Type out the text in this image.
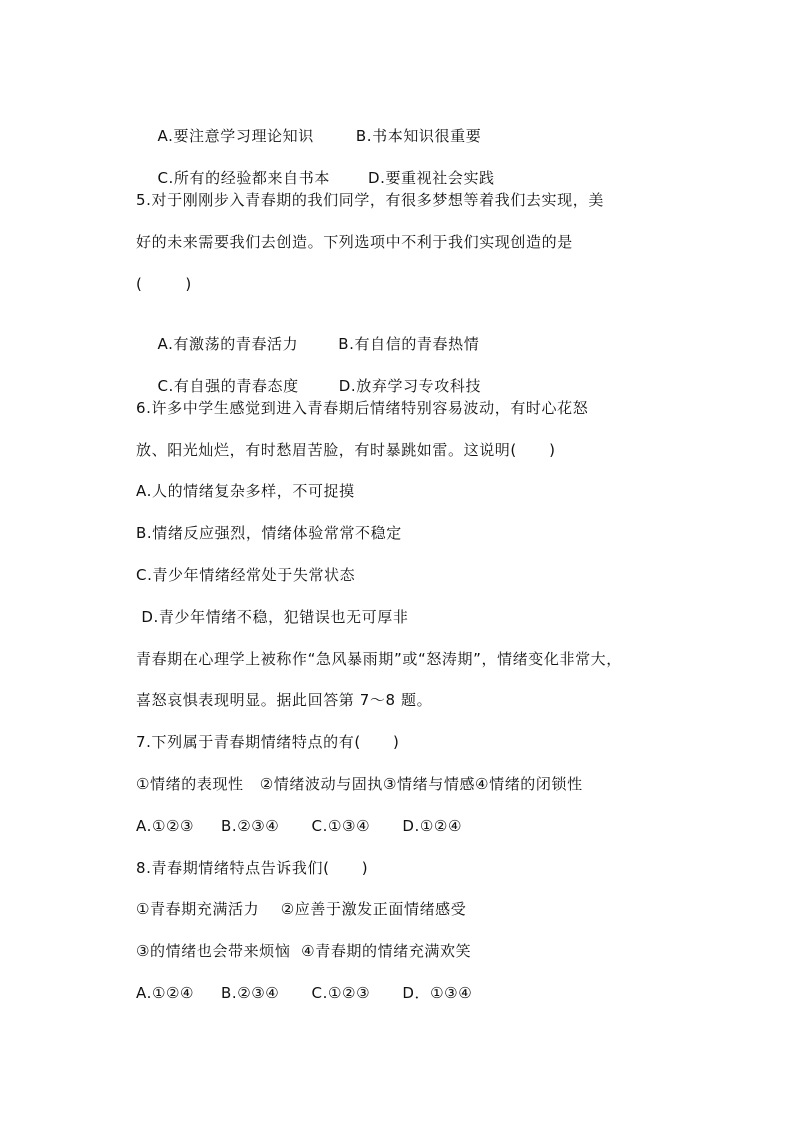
A.要注意学习理论知识	B.书本知识很重要

C.所有的经验都来自书本	D.要重视社会实践

5.对于刚刚步入青春期的我们同学，有很多梦想等着我们去实现，美
好的未来需要我们去创造。下列选项中不利于我们实现创造的是
(        )

A.有激荡的青春活力	B.有自信的青春热情

C.有自强的青春态度	D.放弃学习专攻科技

6.许多中学生感觉到进入青春期后情绪特别容易波动，有时心花怒
放、阳光灿烂，有时愁眉苦脸，有时暴跳如雷。这说明(      )
A.人的情绪复杂多样，不可捉摸
B.情绪反应强烈，情绪体验常常不稳定
C.青少年情绪经常处于失常状态
D.青少年情绪不稳，犯错误也无可厚非
青春期在心理学上被称作“急风暴雨期”或“怒涛期”，情绪变化非常大，
喜怒哀惧表现明显。据此回答第 7～8 题。
7.下列属于青春期情绪特点的有(      )
①情绪的表现性   ②情绪波动与固执③情绪与情感④情绪的闭锁性
A.①②③     B.②③④      C.①③④      D.①②④
8.青春期情绪特点告诉我们(      )
①青春期充满活力    ②应善于激发正面情绪感受
③的情绪也会带来烦恼  ④青春期的情绪充满欢笑
A.①②④     B.②③④      C.①②③      D．①③④
